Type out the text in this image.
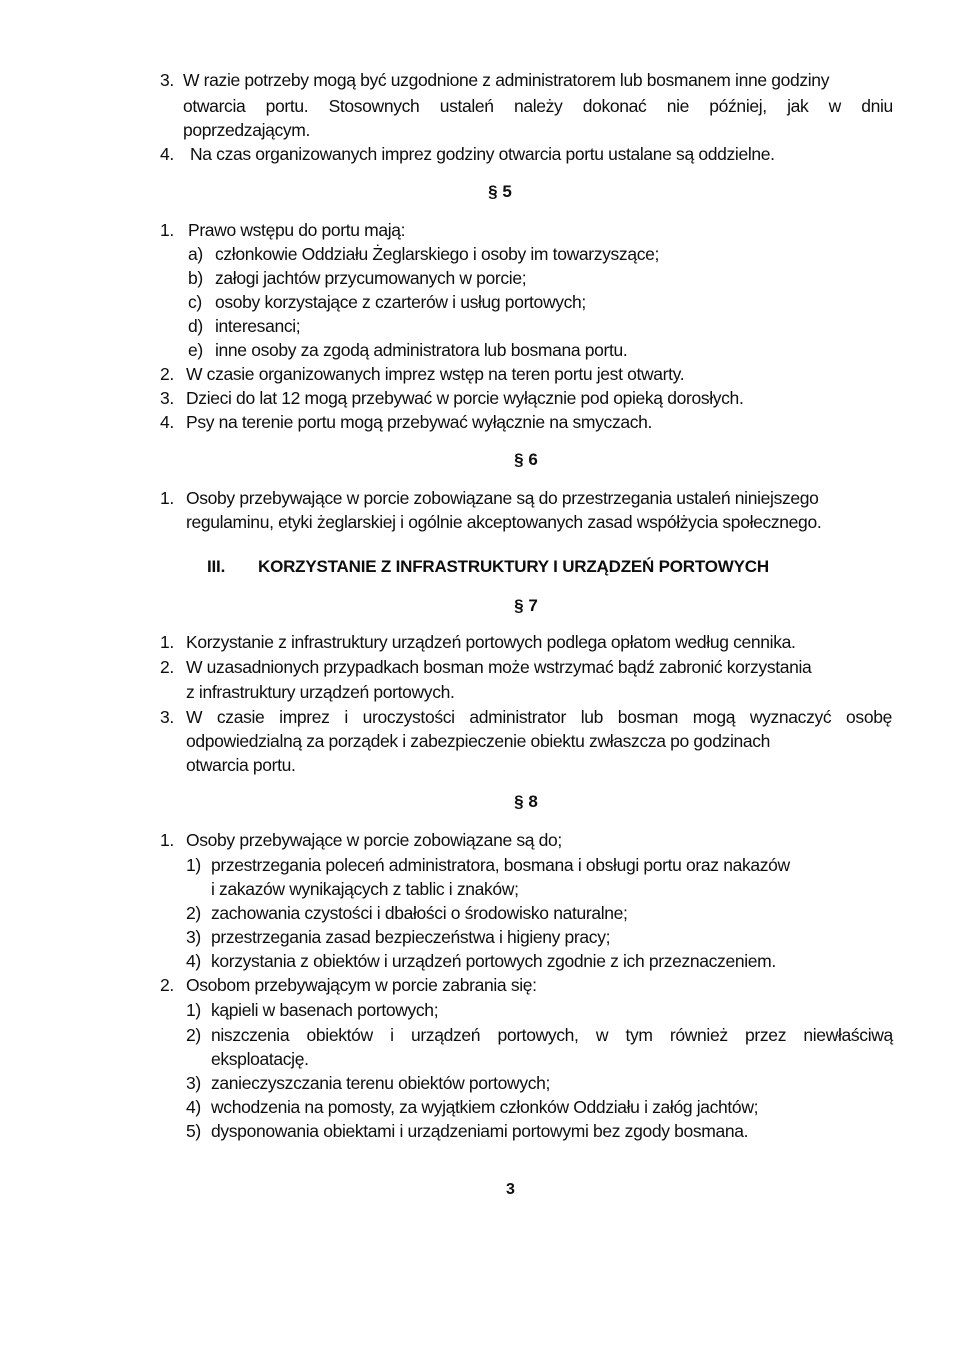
3. W razie potrzeby mogą być uzgodnione z administratorem lub bosmanem inne godziny
otwarcia portu. Stosownych ustaleń należy dokonać nie później, jak w dniu
poprzedzającym.
4. Na czas organizowanych imprez godziny otwarcia portu ustalane są oddzielne.
§ 5
1. Prawo wstępu do portu mają:
a) członkowie Oddziału Żeglarskiego i osoby im towarzyszące;
b) załogi jachtów przycumowanych w porcie;
c) osoby korzystające z czarterów i usług portowych;
d) interesanci;
e) inne osoby za zgodą administratora lub bosmana portu.
2. W czasie organizowanych imprez wstęp na teren portu jest otwarty.
3. Dzieci do lat 12 mogą przebywać w porcie wyłącznie pod opieką dorosłych.
4. Psy na terenie portu mogą przebywać wyłącznie na smyczach.
§ 6
1. Osoby przebywające w porcie zobowiązane są do przestrzegania ustaleń niniejszego
regulaminu, etyki żeglarskiej i ogólnie akceptowanych zasad współżycia społecznego.
III. KORZYSTANIE Z INFRASTRUKTURY I URZĄDZEŃ PORTOWYCH
§ 7
1. Korzystanie z infrastruktury urządzeń portowych podlega opłatom według cennika.
2. W uzasadnionych przypadkach bosman może wstrzymać bądź zabronić korzystania
z infrastruktury urządzeń portowych.
3. W czasie imprez i uroczystości administrator lub bosman mogą wyznaczyć osobę
odpowiedzialną za porządek i zabezpieczenie obiektu zwłaszcza po godzinach
otwarcia portu.
§ 8
1. Osoby przebywające w porcie zobowiązane są do;
1) przestrzegania poleceń administratora, bosmana i obsługi portu oraz nakazów
i zakazów wynikających z tablic i znaków;
2) zachowania czystości i dbałości o środowisko naturalne;
3) przestrzegania zasad bezpieczeństwa i higieny pracy;
4) korzystania z obiektów i urządzeń portowych zgodnie z ich przeznaczeniem.
2. Osobom przebywającym w porcie zabrania się:
1) kąpieli w basenach portowych;
2) niszczenia obiektów i urządzeń portowych, w tym również przez niewłaściwą
eksploatację.
3) zanieczyszczania terenu obiektów portowych;
4) wchodzenia na pomosty, za wyjątkiem członków Oddziału i załóg jachtów;
5) dysponowania obiektami i urządzeniami portowymi bez zgody bosmana.
3
